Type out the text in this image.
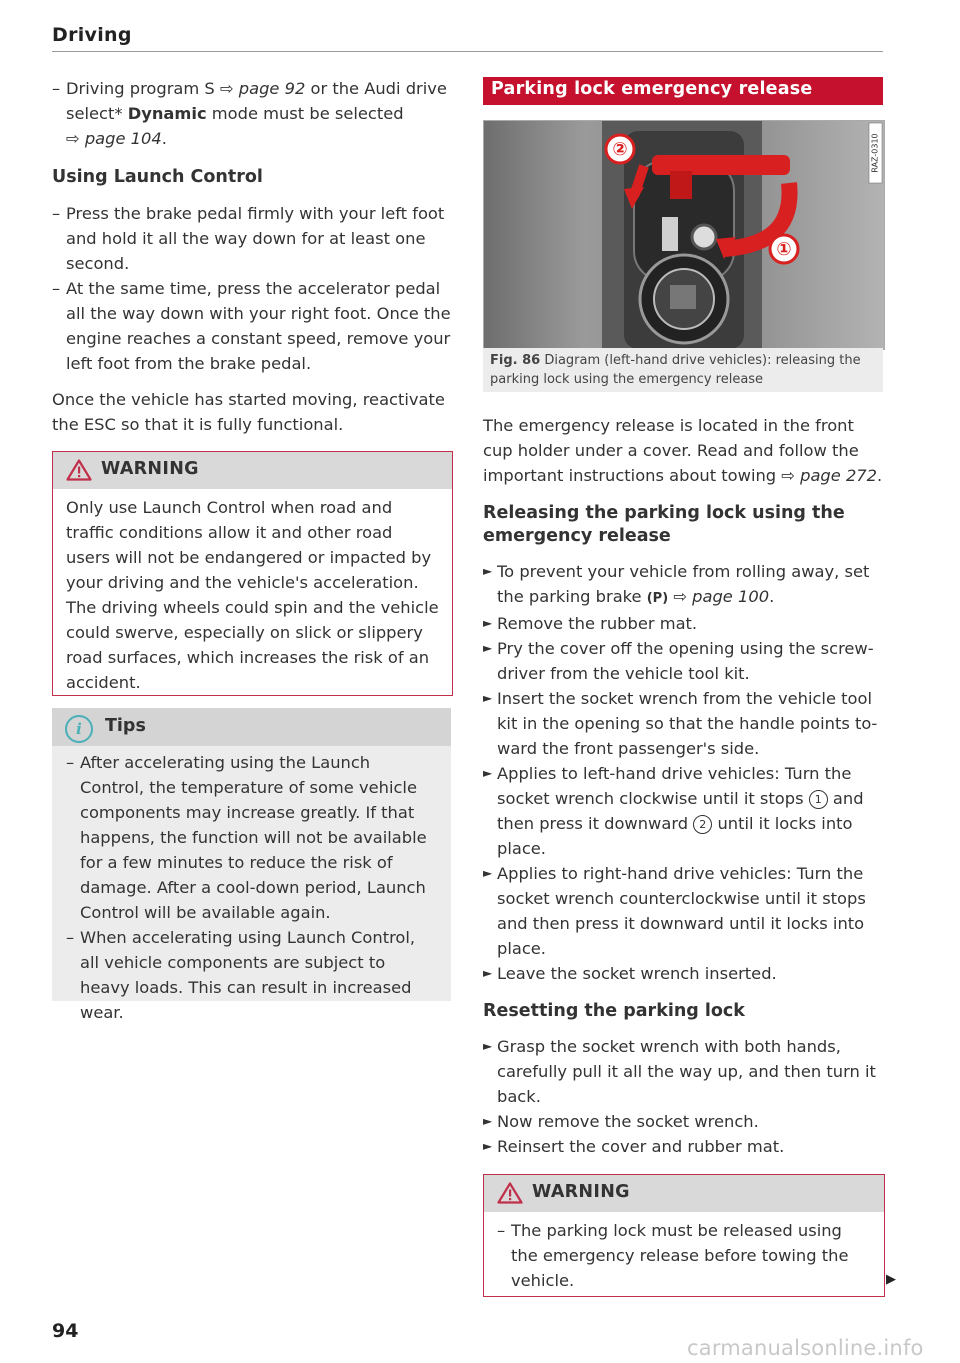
Driving
– Driving program S ⇨ page 92 or the Audi drive
select* Dynamic mode must be selected
⇨ page 104.
Using Launch Control
– Press the brake pedal firmly with your left foot and hold it all the way down for at least one second.
– At the same time, press the accelerator pedal all the way down with your right foot. Once the engine reaches a constant speed, remove your left foot from the brake pedal.

Once the vehicle has started moving, reactivate the ESC so that it is fully functional.

WARNING
Only use Launch Control when road and traffic conditions allow it and other road users will not be endangered or impacted by your driving and the vehicle's acceleration. The driving wheels could spin and the vehicle could swerve, especially on slick or slippery road surfaces, which increases the risk of an accident.
i	Tips
– After accelerating using the Launch Control, the temperature of some vehicle components may increase greatly. If that happens, the function will not be available for a few minutes to reduce the risk of damage. After a cool-down period, Launch Control will be available again.
– When accelerating using Launch Control, all vehicle components are subject to heavy loads. This can result in increased wear.
Parking lock emergency release
②
①
RAZ-0310
Fig. 86 Diagram (left-hand drive vehicles): releasing the parking lock using the emergency release

The emergency release is located in the front cup holder under a cover. Read and follow the important instructions about towing ⇨ page 272.

Releasing the parking lock using the emergency release
► To prevent your vehicle from rolling away, set the parking brake (P) ⇨ page 100.
► Remove the rubber mat.
► Pry the cover off the opening using the screwdriver from the vehicle tool kit.
► Insert the socket wrench from the vehicle tool kit in the opening so that the handle points toward the front passenger's side.
► Applies to left-hand drive vehicles: Turn the socket wrench clockwise until it stops 1 and then press it downward 2 until it locks into place.
► Applies to right-hand drive vehicles: Turn the socket wrench counterclockwise until it stops and then press it downward until it locks into place.
► Leave the socket wrench inserted.
Resetting the parking lock
► Grasp the socket wrench with both hands, carefully pull it all the way up, and then turn it back.
► Now remove the socket wrench.
► Reinsert the cover and rubber mat.
WARNING
– The parking lock must be released using the emergency release before towing the vehicle.	▶
94
carmanualsonline.info
